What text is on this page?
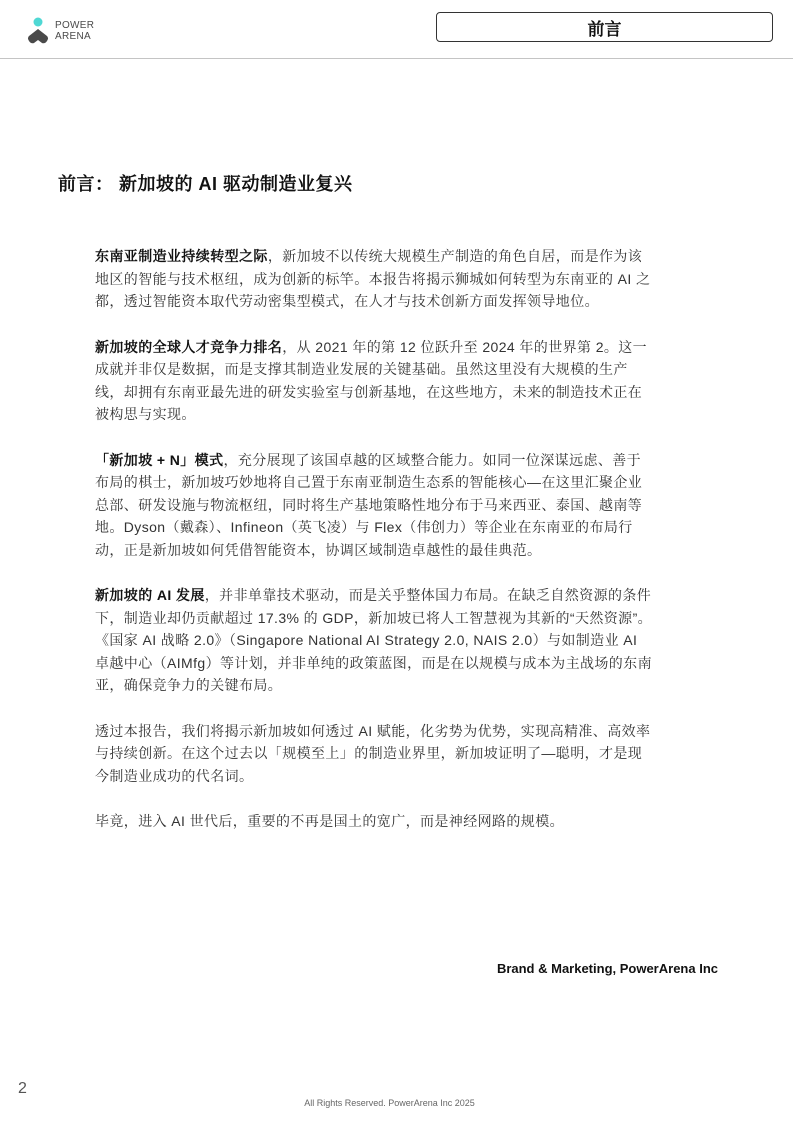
POWER
ARENA	前言
前言： 新加坡的 AI 驱动制造业复兴

东南亚制造业持续转型之际，新加坡不以传统大规模生产制造的角色自居，而是作为该地区的智能与技术枢纽，成为创新的标竿。本报告将揭示狮城如何转型为东南亚的 AI 之都，透过智能资本取代劳动密集型模式，在人才与技术创新方面发挥领导地位。

新加坡的全球人才竞争力排名，从 2021 年的第 12 位跃升至 2024 年的世界第 2。这一成就并非仅是数据，而是支撑其制造业发展的关键基础。虽然这里没有大规模的生产线，却拥有东南亚最先进的研发实验室与创新基地，在这些地方，未来的制造技术正在被构思与实现。

「新加坡 + N」模式，充分展现了该国卓越的区域整合能力。如同一位深谋远虑、善于布局的棋士，新加坡巧妙地将自己置于东南亚制造生态系的智能核心—在这里汇聚企业总部、研发设施与物流枢纽，同时将生产基地策略性地分布于马来西亚、泰国、越南等地。Dyson（戴森）、Infineon（英飞凌）与 Flex（伟创力）等企业在东南亚的布局行动，正是新加坡如何凭借智能资本，协调区域制造卓越性的最佳典范。

新加坡的 AI 发展，并非单靠技术驱动，而是关乎整体国力布局。在缺乏自然资源的条件下，制造业却仍贡献超过 17.3% 的 GDP，新加坡已将人工智慧视为其新的“天然资源”。《国家 AI 战略 2.0》（Singapore National AI Strategy 2.0, NAIS 2.0）与如制造业 AI 卓越中心（AIMfg）等计划，并非单纯的政策蓝图，而是在以规模与成本为主战场的东南亚，确保竞争力的关键布局。

透过本报告，我们将揭示新加坡如何透过 AI 赋能，化劣势为优势，实现高精准、高效率与持续创新。在这个过去以「规模至上」的制造业界里，新加坡证明了—聪明，才是现今制造业成功的代名词。

毕竟，进入 AI 世代后，重要的不再是国土的宽广，而是神经网路的规模。

Brand & Marketing, PowerArena Inc
2
All Rights Reserved. PowerArena Inc 2025
